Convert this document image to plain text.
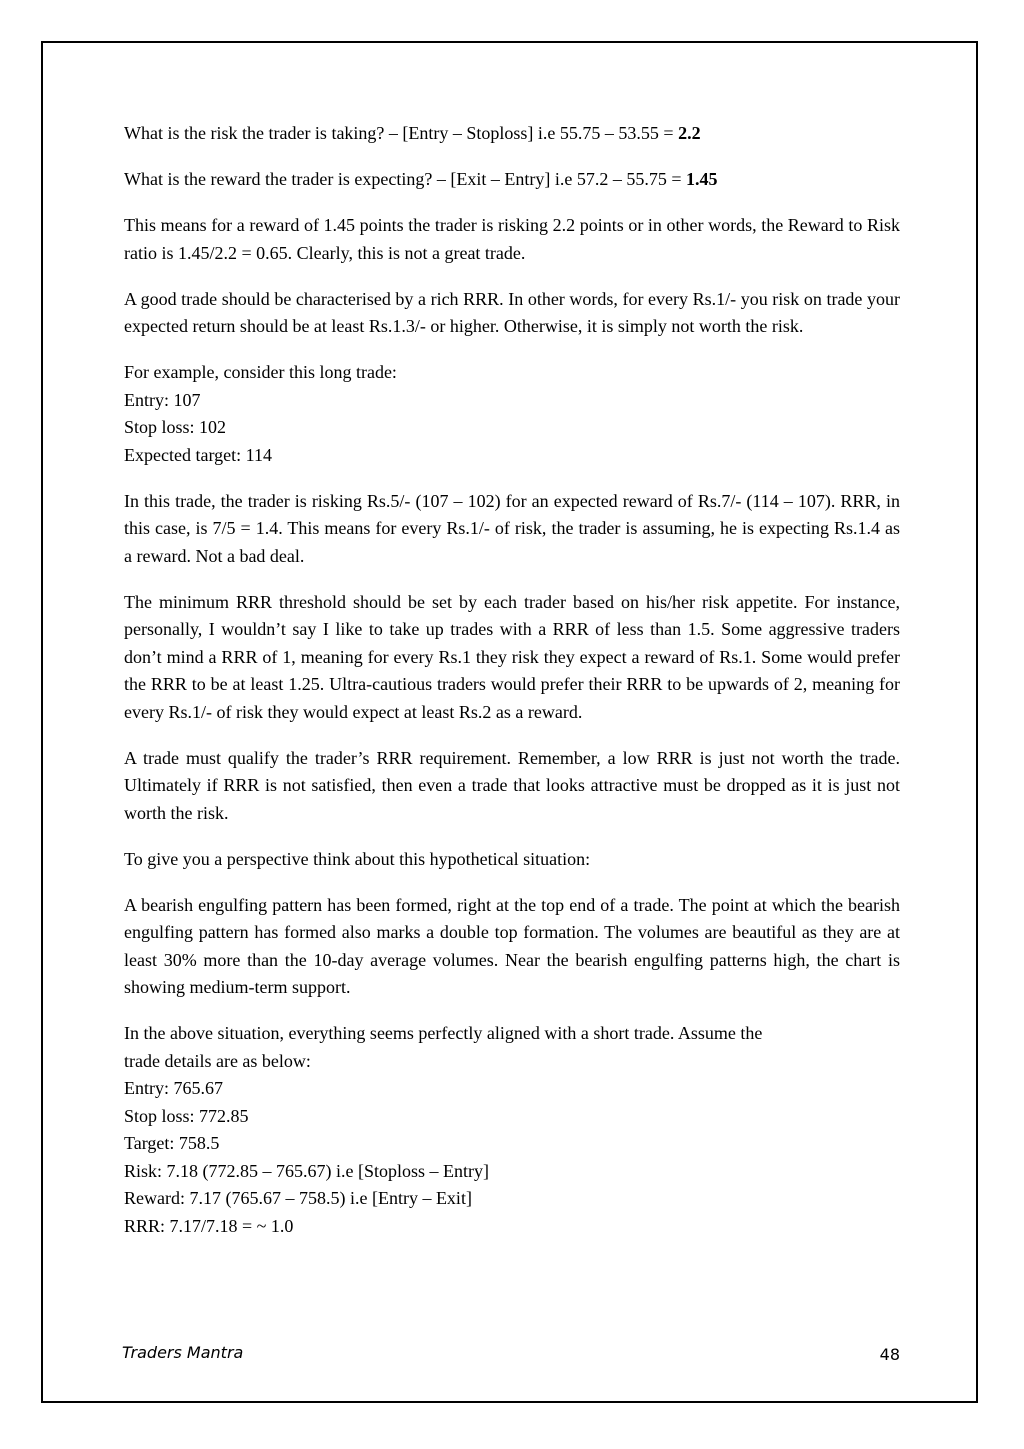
What is the risk the trader is taking? – [Entry – Stoploss] i.e 55.75 – 53.55 = 2.2

What is the reward the trader is expecting? – [Exit – Entry] i.e 57.2 – 55.75 = 1.45

This means for a reward of 1.45 points the trader is risking 2.2 points or in other words, the Reward to Risk ratio is 1.45/2.2 = 0.65. Clearly, this is not a great trade.

A good trade should be characterised by a rich RRR. In other words, for every Rs.1/- you risk on trade your expected return should be at least Rs.1.3/- or higher. Otherwise, it is simply not worth the risk.

For example, consider this long trade:
Entry: 107
Stop loss: 102
Expected target: 114

In this trade, the trader is risking Rs.5/- (107 – 102) for an expected reward of Rs.7/- (114 – 107). RRR, in this case, is 7/5 = 1.4. This means for every Rs.1/- of risk, the trader is assuming, he is expecting Rs.1.4 as a reward. Not a bad deal.

The minimum RRR threshold should be set by each trader based on his/her risk appetite. For instance, personally, I wouldn’t say I like to take up trades with a RRR of less than 1.5. Some aggressive traders don’t mind a RRR of 1, meaning for every Rs.1 they risk they expect a reward of Rs.1. Some would prefer the RRR to be at least 1.25. Ultra-cautious traders would prefer their RRR to be upwards of 2, meaning for every Rs.1/- of risk they would expect at least Rs.2 as a reward.

A trade must qualify the trader’s RRR requirement. Remember, a low RRR is just not worth the trade. Ultimately if RRR is not satisfied, then even a trade that looks attractive must be dropped as it is just not worth the risk.

To give you a perspective think about this hypothetical situation:

A bearish engulfing pattern has been formed, right at the top end of a trade. The point at which the bearish engulfing pattern has formed also marks a double top formation. The volumes are beautiful as they are at least 30% more than the 10-day average volumes. Near the bearish engulfing patterns high, the chart is showing medium-term support.

In the above situation, everything seems perfectly aligned with a short trade. Assume the
trade details are as below:
Entry: 765.67
Stop loss: 772.85
Target: 758.5
Risk: 7.18 (772.85 – 765.67) i.e [Stoploss – Entry]
Reward: 7.17 (765.67 – 758.5) i.e [Entry – Exit]
RRR: 7.17/7.18 = ~ 1.0

Traders Mantra	48
